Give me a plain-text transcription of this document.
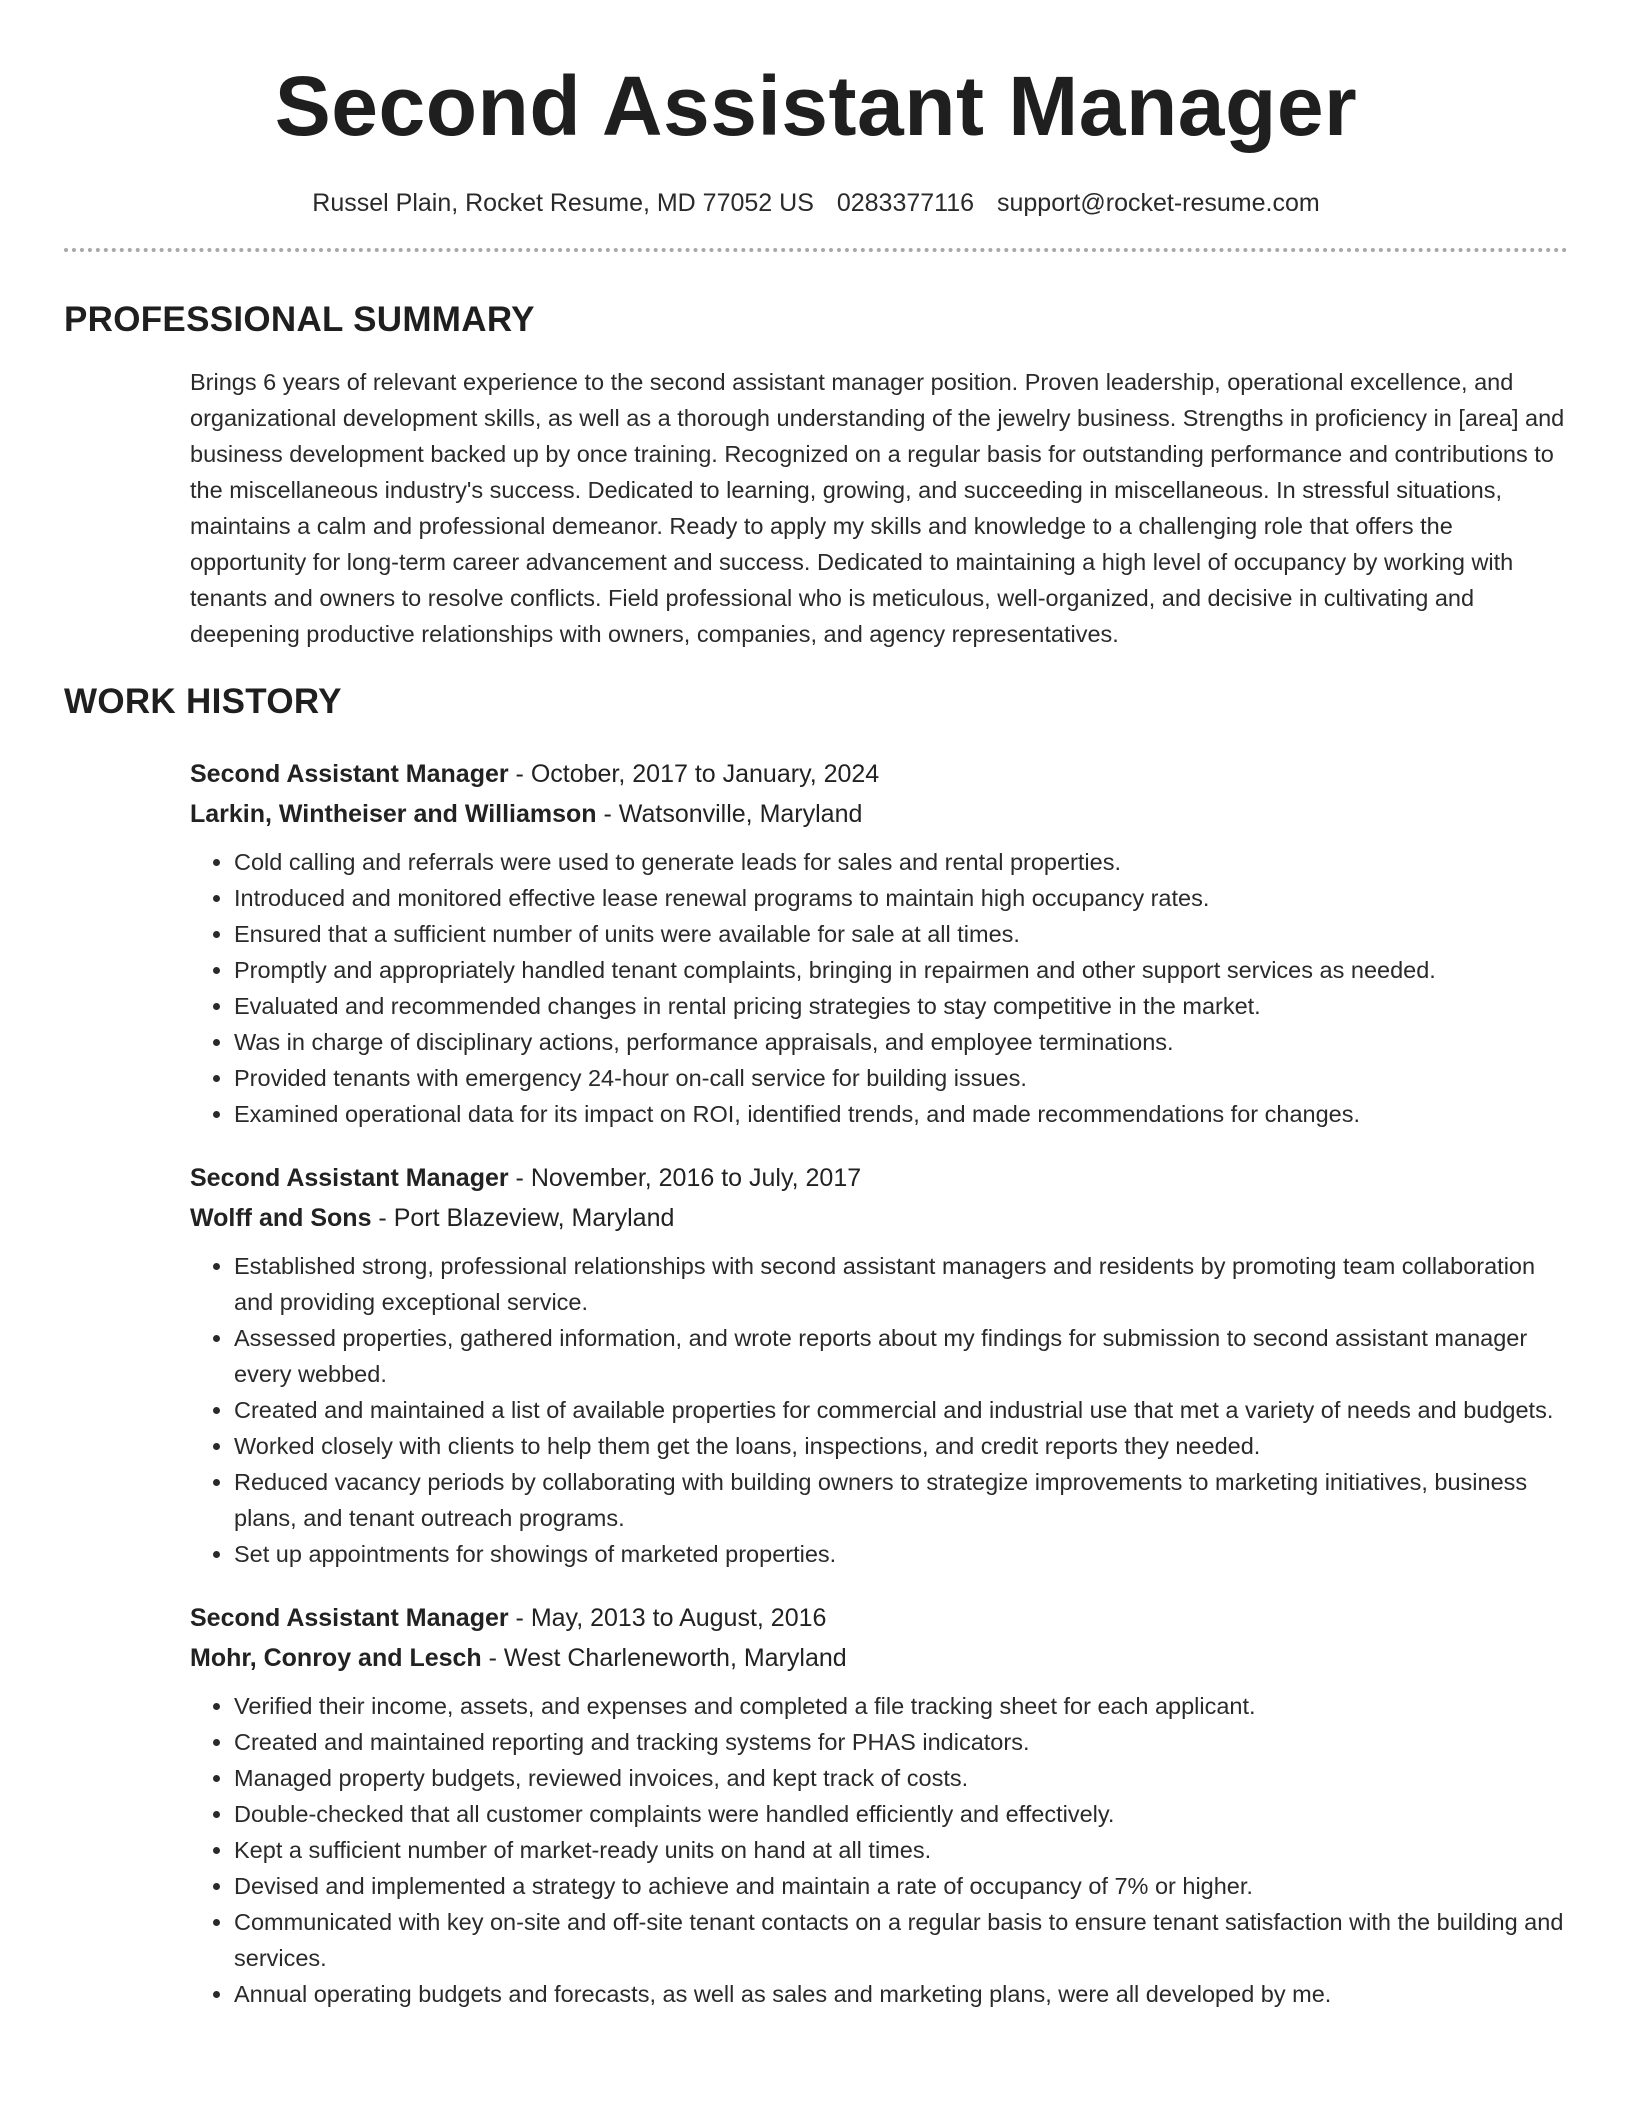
Second Assistant Manager
Russel Plain, Rocket Resume, MD 77052 US 0283377116 support@rocket-resume.com
PROFESSIONAL SUMMARY
Brings 6 years of relevant experience to the second assistant manager position. Proven leadership, operational excellence, and organizational development skills, as well as a thorough understanding of the jewelry business. Strengths in proficiency in [area] and business development backed up by once training. Recognized on a regular basis for outstanding performance and contributions to the miscellaneous industry's success. Dedicated to learning, growing, and succeeding in miscellaneous. In stressful situations, maintains a calm and professional demeanor. Ready to apply my skills and knowledge to a challenging role that offers the opportunity for long-term career advancement and success. Dedicated to maintaining a high level of occupancy by working with tenants and owners to resolve conflicts. Field professional who is meticulous, well-organized, and decisive in cultivating and deepening productive relationships with owners, companies, and agency representatives.
WORK HISTORY
Second Assistant Manager - October, 2017 to January, 2024
Larkin, Wintheiser and Williamson - Watsonville, Maryland
• Cold calling and referrals were used to generate leads for sales and rental properties.
• Introduced and monitored effective lease renewal programs to maintain high occupancy rates.
• Ensured that a sufficient number of units were available for sale at all times.
• Promptly and appropriately handled tenant complaints, bringing in repairmen and other support services as needed.
• Evaluated and recommended changes in rental pricing strategies to stay competitive in the market.
• Was in charge of disciplinary actions, performance appraisals, and employee terminations.
• Provided tenants with emergency 24-hour on-call service for building issues.
• Examined operational data for its impact on ROI, identified trends, and made recommendations for changes.
Second Assistant Manager - November, 2016 to July, 2017
Wolff and Sons - Port Blazeview, Maryland
• Established strong, professional relationships with second assistant managers and residents by promoting team collaboration and providing exceptional service.
• Assessed properties, gathered information, and wrote reports about my findings for submission to second assistant manager every webbed.
• Created and maintained a list of available properties for commercial and industrial use that met a variety of needs and budgets.
• Worked closely with clients to help them get the loans, inspections, and credit reports they needed.
• Reduced vacancy periods by collaborating with building owners to strategize improvements to marketing initiatives, business plans, and tenant outreach programs.
• Set up appointments for showings of marketed properties.
Second Assistant Manager - May, 2013 to August, 2016
Mohr, Conroy and Lesch - West Charleneworth, Maryland
• Verified their income, assets, and expenses and completed a file tracking sheet for each applicant.
• Created and maintained reporting and tracking systems for PHAS indicators.
• Managed property budgets, reviewed invoices, and kept track of costs.
• Double-checked that all customer complaints were handled efficiently and effectively.
• Kept a sufficient number of market-ready units on hand at all times.
• Devised and implemented a strategy to achieve and maintain a rate of occupancy of 7% or higher.
• Communicated with key on-site and off-site tenant contacts on a regular basis to ensure tenant satisfaction with the building and services.
• Annual operating budgets and forecasts, as well as sales and marketing plans, were all developed by me.
